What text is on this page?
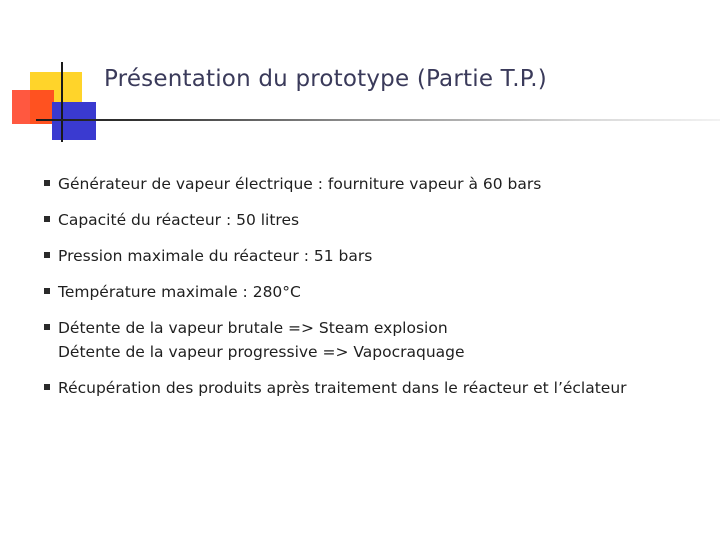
Présentation du prototype (Partie T.P.)
Générateur de vapeur électrique : fourniture vapeur à 60 bars
Capacité du réacteur : 50 litres
Pression maximale du réacteur : 51 bars
Température maximale : 280°C
Détente de la vapeur brutale => Steam explosion
Détente de la vapeur progressive => Vapocraquage
Récupération des produits après traitement dans le réacteur et l’éclateur
